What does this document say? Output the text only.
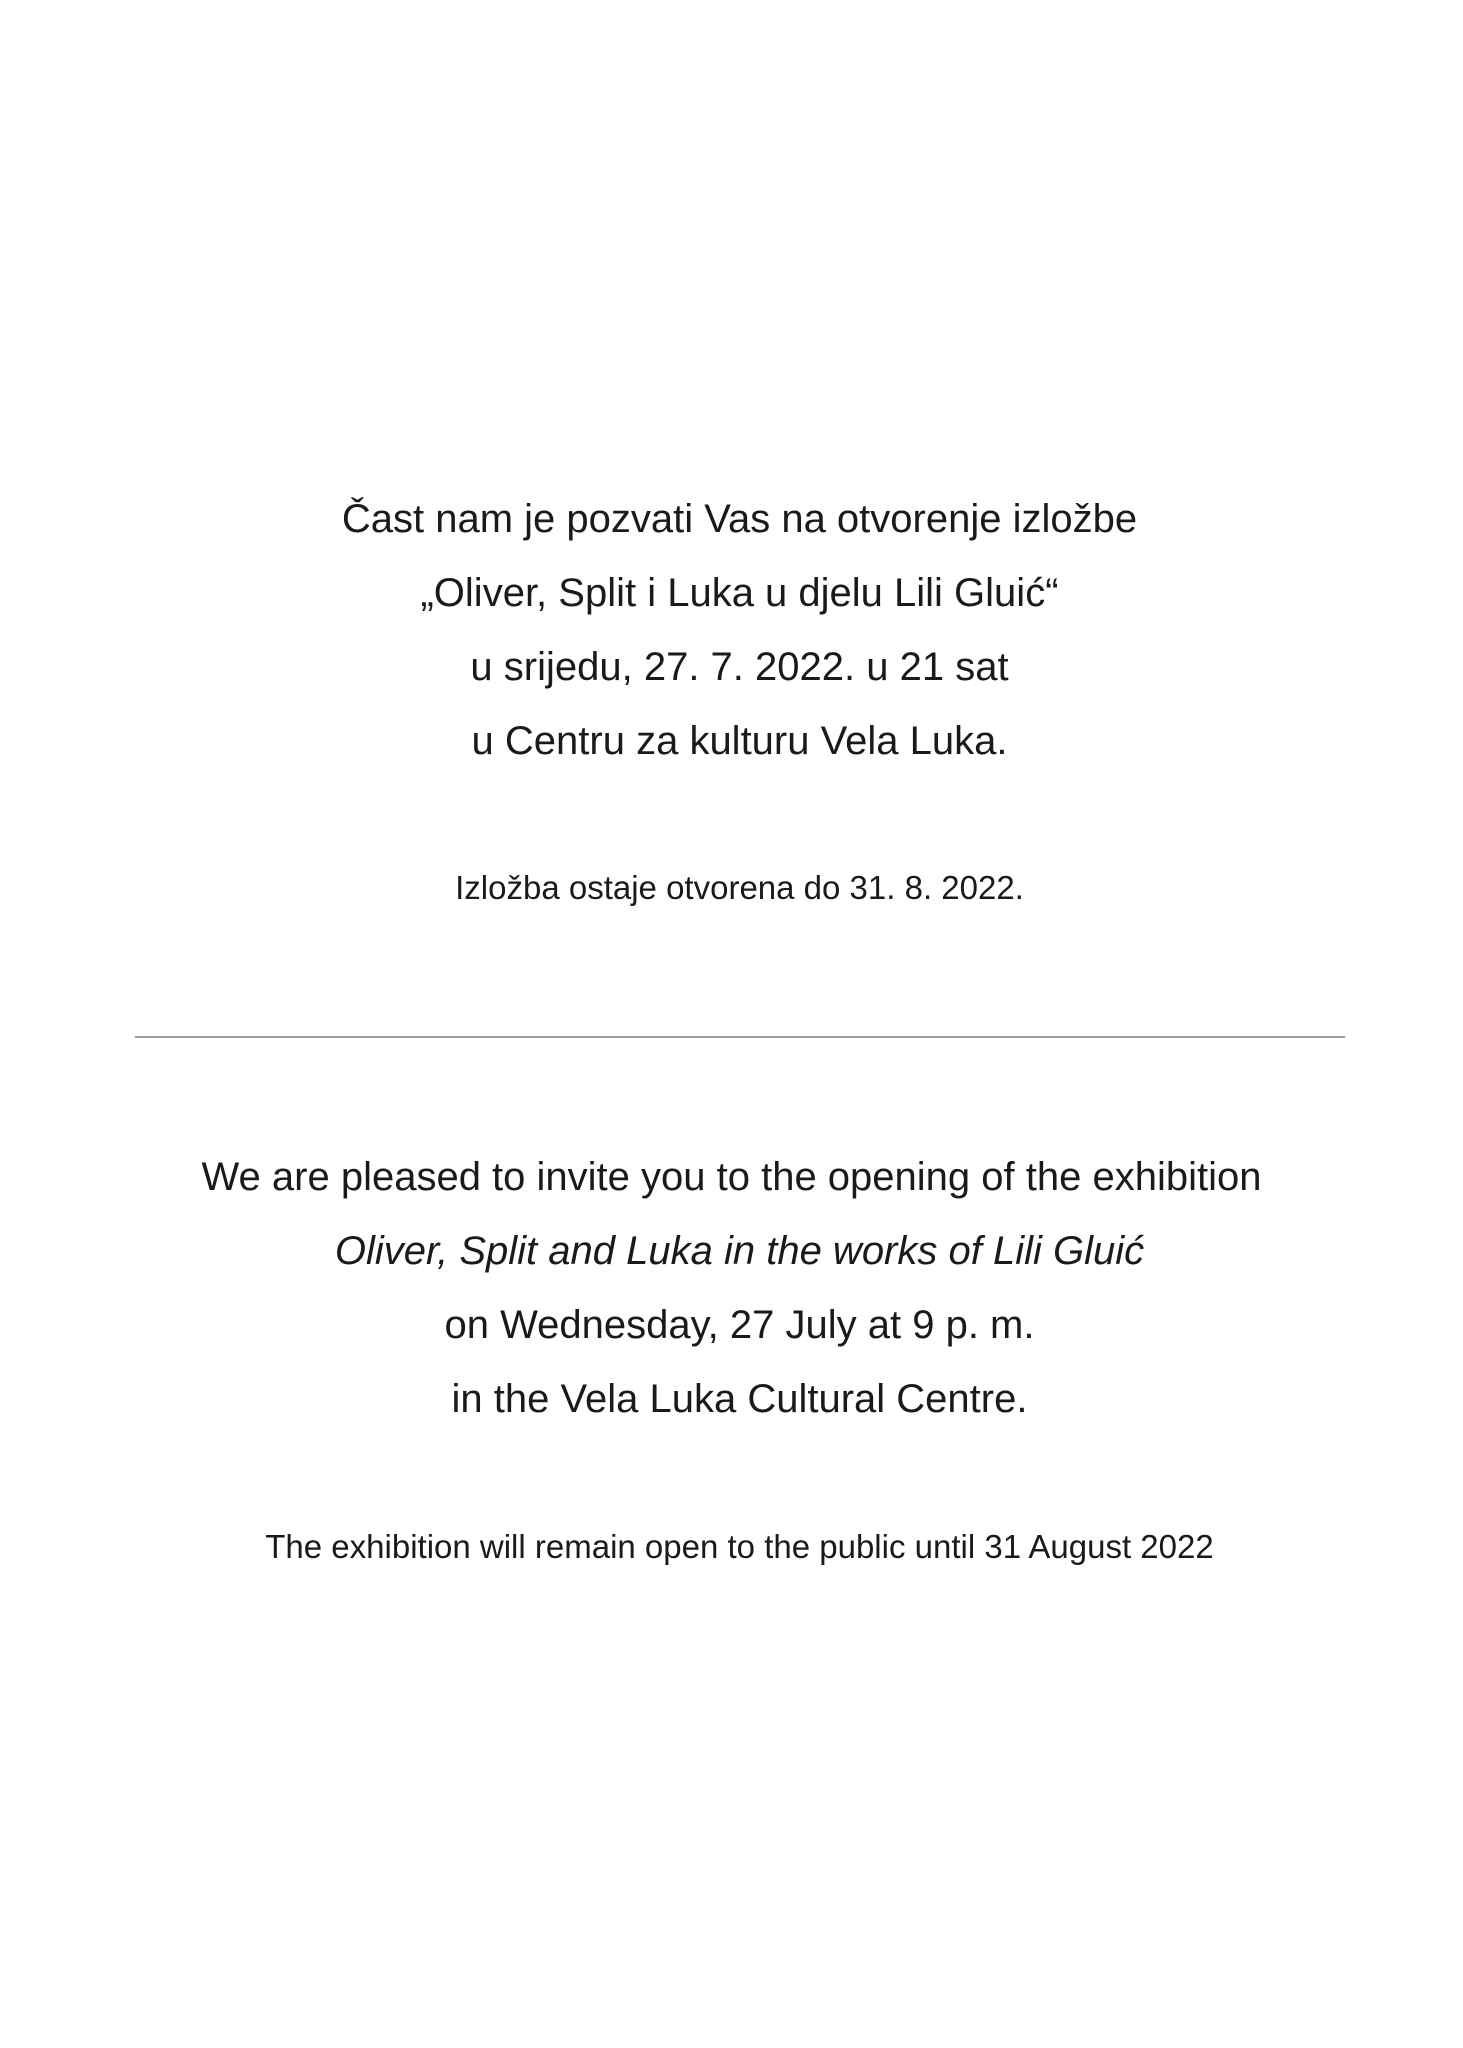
Čast nam je pozvati Vas na otvorenje izložbe
„Oliver, Split i Luka u djelu Lili Gluić“
u srijedu, 27. 7. 2022. u 21 sat
u Centru za kulturu Vela Luka.
Izložba ostaje otvorena do 31. 8. 2022.
We are pleased to invite you to the opening of the exhibition
Oliver, Split and Luka in the works of Lili Gluić
on Wednesday, 27 July at 9 p. m.
in the Vela Luka Cultural Centre.
The exhibition will remain open to the public until 31 August 2022
